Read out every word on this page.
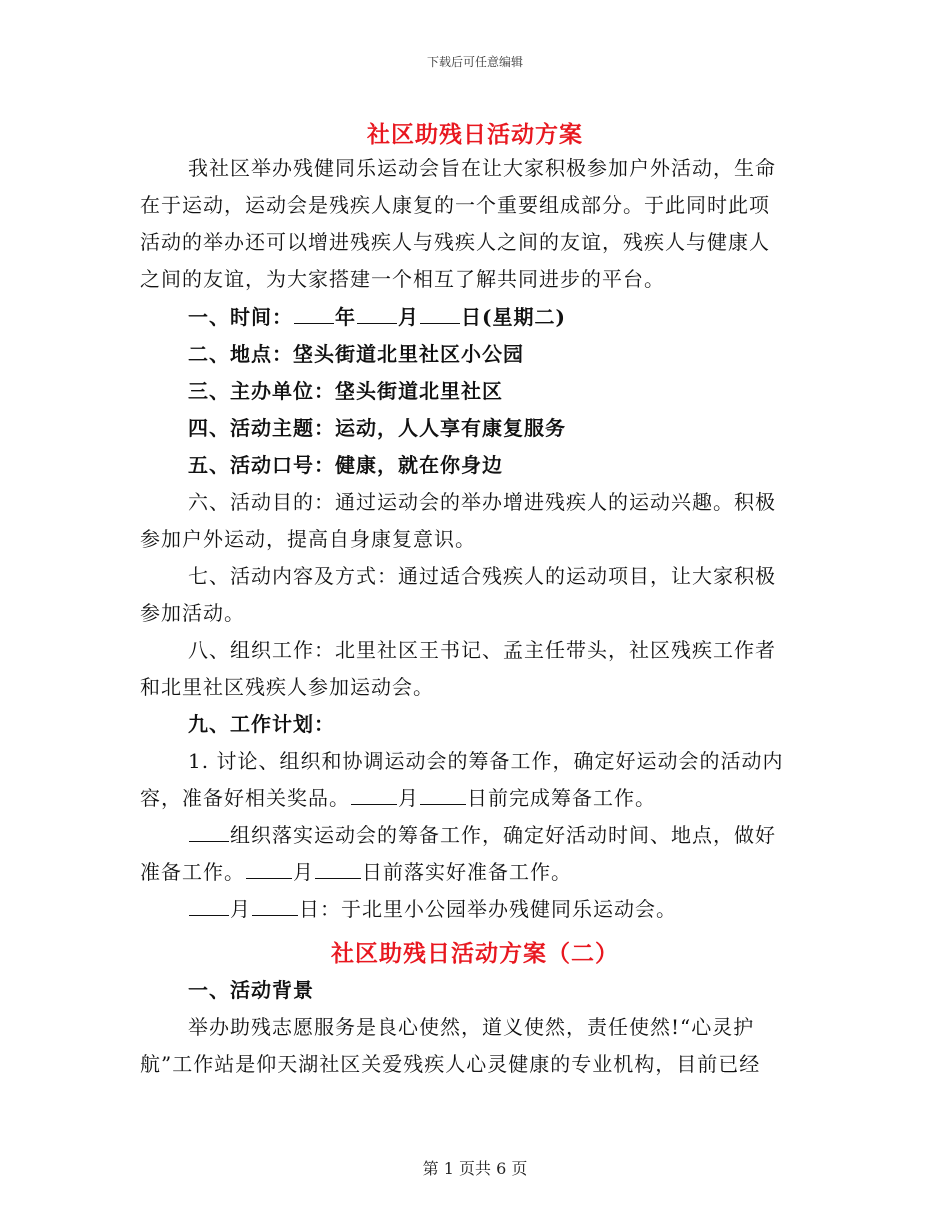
下载后可任意编辑
社区助残日活动方案
我社区举办残健同乐运动会旨在让大家积极参加户外活动，生命
在于运动，运动会是残疾人康复的一个重要组成部分。于此同时此项
活动的举办还可以增进残疾人与残疾人之间的友谊，残疾人与健康人
之间的友谊，为大家搭建一个相互了解共同进步的平台。
一、时间： 年 月 日(星期二)
二、地点：垡头街道北里社区小公园
三、主办单位：垡头街道北里社区
四、活动主题：运动，人人享有康复服务
五、活动口号：健康，就在你身边
六、活动目的：通过运动会的举办增进残疾人的运动兴趣。积极
参加户外运动，提高自身康复意识。
七、活动内容及方式：通过适合残疾人的运动项目，让大家积极
参加活动。
八、组织工作：北里社区王书记、孟主任带头，社区残疾工作者
和北里社区残疾人参加运动会。
九、工作计划：
1. 讨论、组织和协调运动会的筹备工作，确定好运动会的活动内
容，准备好相关奖品。 月 日前完成筹备工作。
组织落实运动会的筹备工作，确定好活动时间、地点，做好
准备工作。 月 日前落实好准备工作。
月 日：于北里小公园举办残健同乐运动会。
社区助残日活动方案（二）
一、活动背景
举办助残志愿服务是良心使然，道义使然，责任使然!“心灵护
航”工作站是仰天湖社区关爱残疾人心灵健康的专业机构，目前已经
第 1 页共 6 页
